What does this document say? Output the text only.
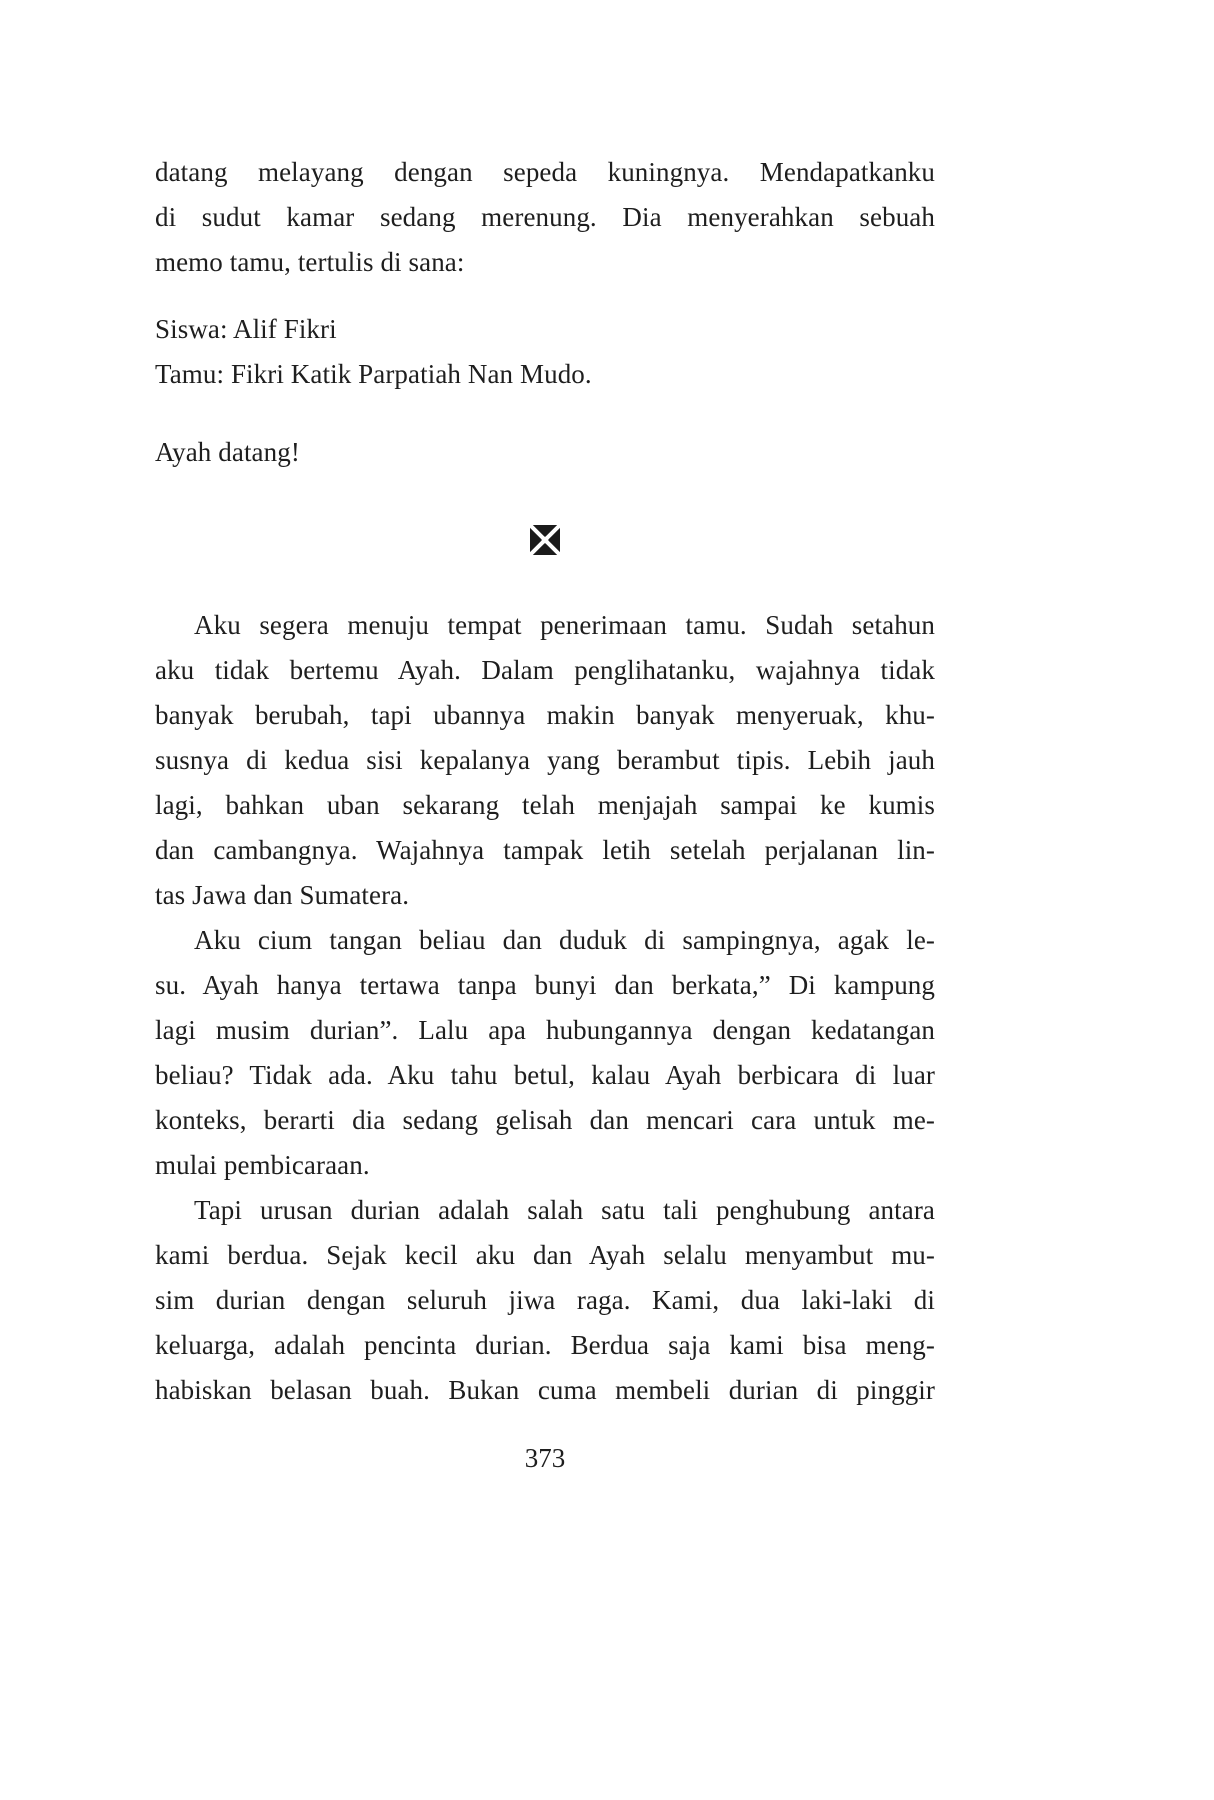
datang melayang dengan sepeda kuningnya. Mendapatkanku
di sudut kamar sedang merenung. Dia menyerahkan sebuah
memo tamu, tertulis di sana:
Siswa: Alif Fikri
Tamu: Fikri Katik Parpatiah Nan Mudo.
Ayah datang!
Aku segera menuju tempat penerimaan tamu. Sudah setahun
aku tidak bertemu Ayah. Dalam penglihatanku, wajahnya tidak
banyak berubah, tapi ubannya makin banyak menyeruak, khu-
susnya di kedua sisi kepalanya yang berambut tipis. Lebih jauh
lagi, bahkan uban sekarang telah menjajah sampai ke kumis
dan cambangnya. Wajahnya tampak letih setelah perjalanan lin-
tas Jawa dan Sumatera.
Aku cium tangan beliau dan duduk di sampingnya, agak le-
su. Ayah hanya tertawa tanpa bunyi dan berkata,” Di kampung
lagi musim durian”. Lalu apa hubungannya dengan kedatangan
beliau? Tidak ada. Aku tahu betul, kalau Ayah berbicara di luar
konteks, berarti dia sedang gelisah dan mencari cara untuk me-
mulai pembicaraan.
Tapi urusan durian adalah salah satu tali penghubung antara
kami berdua. Sejak kecil aku dan Ayah selalu menyambut mu-
sim durian dengan seluruh jiwa raga. Kami, dua laki-laki di
keluarga, adalah pencinta durian. Berdua saja kami bisa meng-
habiskan belasan buah. Bukan cuma membeli durian di pinggir
373
